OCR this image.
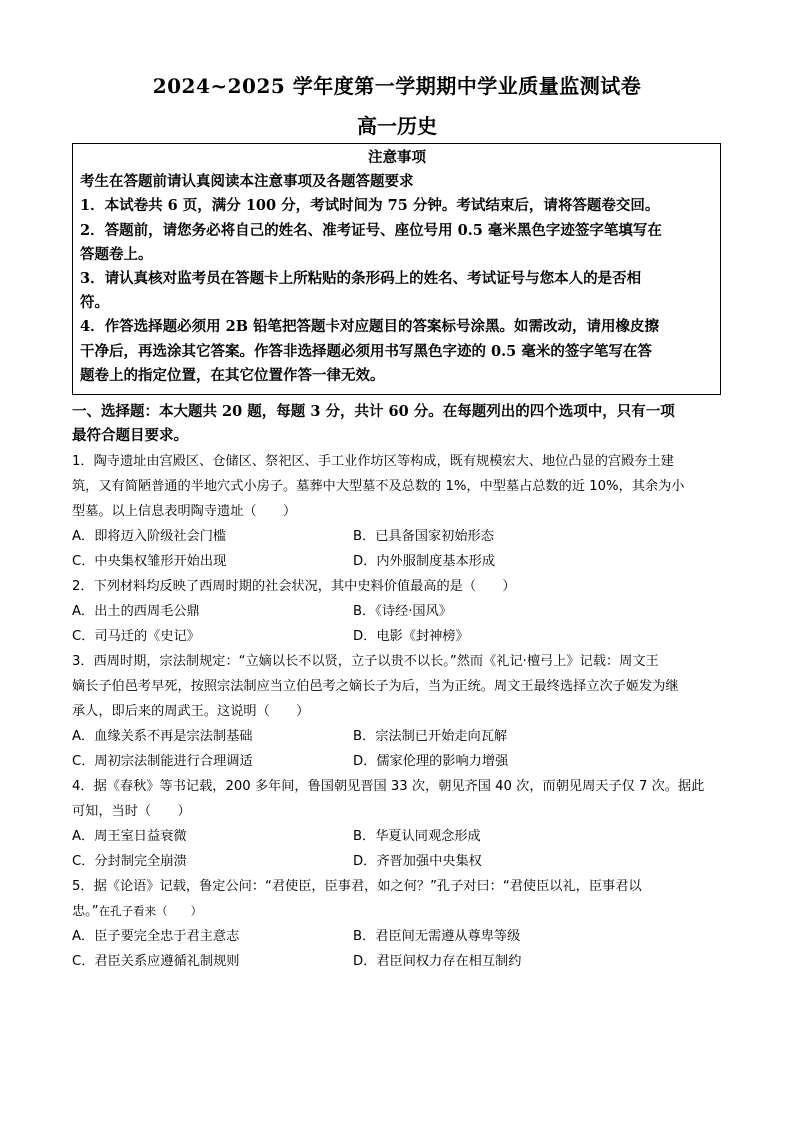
2024~2025 学年度第一学期期中学业质量监测试卷
高一历史
注意事项

考生在答题前请认真阅读本注意事项及各题答题要求

1．本试卷共 6 页，满分 100 分，考试时间为 75 分钟。考试结束后，请将答题卷交回。

2．答题前，请您务必将自己的姓名、准考证号、座位号用 0.5 毫米黑色字迹签字笔填写在

答题卷上。

3．请认真核对监考员在答题卡上所粘贴的条形码上的姓名、考试证号与您本人的是否相

符。

4．作答选择题必须用 2B 铅笔把答题卡对应题目的答案标号涂黑。如需改动，请用橡皮擦

干净后，再选涂其它答案。作答非选择题必须用书写黑色字迹的 0.5 毫米的签字笔写在答

题卷上的指定位置，在其它位置作答一律无效。

一、选择题：本大题共 20 题，每题 3 分，共计 60 分。在每题列出的四个选项中，只有一项
最符合题目要求。

1．陶寺遗址由宫殿区、仓储区、祭祀区、手工业作坊区等构成，既有规模宏大、地位凸显的宫殿夯土建

筑，又有简陋普通的半地穴式小房子。墓葬中大型墓不及总数的 1%，中型墓占总数的近 10%，其余为小

型墓。以上信息表明陶寺遗址（　　）

A．即将迈入阶级社会门槛	B．已具备国家初始形态
C．中央集权雏形开始出现	D．内外服制度基本形成

2．下列材料均反映了西周时期的社会状况，其中史料价值最高的是（　　）

A．出土的西周毛公鼎	B．《诗经·国风》
C．司马迁的《史记》	D．电影《封神榜》

3．西周时期，宗法制规定：“立嫡以长不以贤，立子以贵不以长。”然而《礼记·檀弓上》记载：周文王

嫡长子伯邑考早死，按照宗法制应当立伯邑考之嫡长子为后，当为正统。周文王最终选择立次子姬发为继

承人，即后来的周武王。这说明（　　）

A．血缘关系不再是宗法制基础	B．宗法制已开始走向瓦解
C．周初宗法制能进行合理调适	D．儒家伦理的影响力增强

4．据《春秋》等书记载，200 多年间，鲁国朝见晋国 33 次，朝见齐国 40 次，而朝见周天子仅 7 次。据此

可知，当时（　　）

A．周王室日益衰微	B．华夏认同观念形成
C．分封制完全崩溃	D．齐晋加强中央集权

5．据《论语》记载，鲁定公问：“君使臣，臣事君，如之何？”孔子对曰：“君使臣以礼，臣事君以

忠。”在孔子看来（　　）

A．臣子要完全忠于君主意志	B．君臣间无需遵从尊卑等级
C．君臣关系应遵循礼制规则	D．君臣间权力存在相互制约
